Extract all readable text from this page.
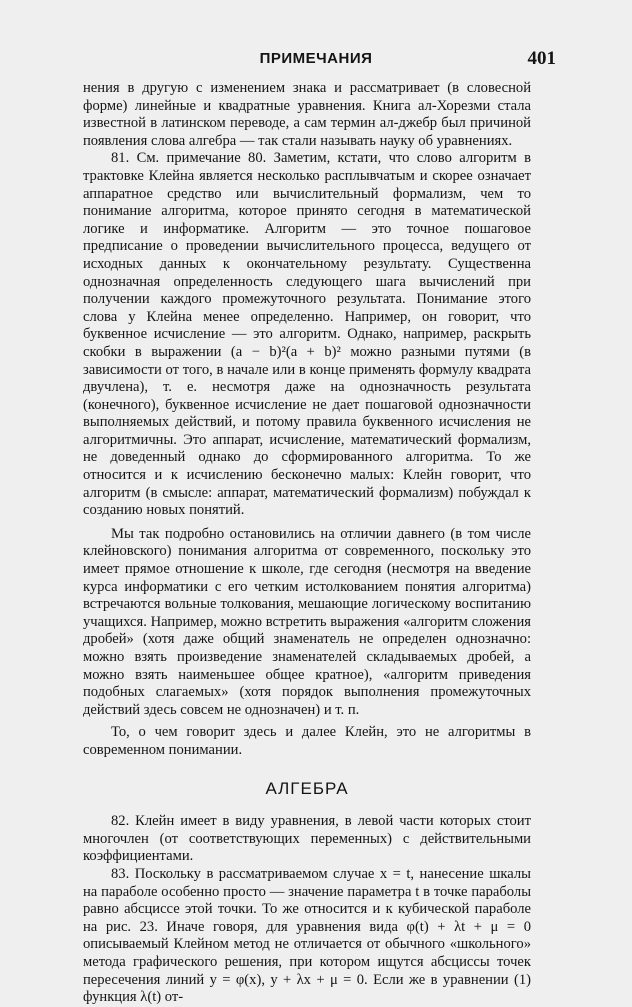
ПРИМЕЧАНИЯ	401

нения в другую с изменением знака и рассматривает (в словесной форме) линейные и квадратные уравнения. Книга ал-Хорезми стала известной в латинском переводе, а сам термин ал-джебр был причиной появления слова алгебра — так стали называть науку об уравнениях.

81. См. примечание 80. Заметим, кстати, что слово алгоритм в трактовке Клейна является несколько расплывчатым и скорее означает аппаратное средство или вычислительный формализм, чем то понимание алгоритма, которое принято сегодня в математической логике и информатике. Алгоритм — это точное пошаговое предписание о проведении вычислительного процесса, ведущего от исходных данных к окончательному результату. Существенна однозначная определенность следующего шага вычислений при получении каждого промежуточного результата. Понимание этого слова у Клейна менее определенно. Например, он говорит, что буквенное исчисление — это алгоритм. Однако, например, раскрыть скобки в выражении (a − b)²(a + b)² можно разными путями (в зависимости от того, в начале или в конце применять формулу квадрата двучлена), т. е. несмотря даже на однозначность результата (конечного), буквенное исчисление не дает пошаговой однозначности выполняемых действий, и потому правила буквенного исчисления не алгоритмичны. Это аппарат, исчисление, математический формализм, не доведенный однако до сформированного алгоритма. То же относится и к исчислению бесконечно малых: Клейн говорит, что алгоритм (в смысле: аппарат, математический формализм) побуждал к созданию новых понятий.

Мы так подробно остановились на отличии давнего (в том числе клейновского) понимания алгоритма от современного, поскольку это имеет прямое отношение к школе, где сегодня (несмотря на введение курса информатики с его четким истолкованием понятия алгоритма) встречаются вольные толкования, мешающие логическому воспитанию учащихся. Например, можно встретить выражения «алгоритм сложения дробей» (хотя даже общий знаменатель не определен однозначно: можно взять произведение знаменателей складываемых дробей, а можно взять наименьшее общее кратное), «алгоритм приведения подобных слагаемых» (хотя порядок выполнения промежуточных действий здесь совсем не однозначен) и т. п.

То, о чем говорит здесь и далее Клейн, это не алгоритмы в современном понимании.

АЛГЕБРА

82. Клейн имеет в виду уравнения, в левой части которых стоит многочлен (от соответствующих переменных) с действительными коэффициентами.

83. Поскольку в рассматриваемом случае x = t, нанесение шкалы на параболе особенно просто — значение параметра t в точке параболы равно абсциссе этой точки. То же относится и к кубической параболе на рис. 23. Иначе говоря, для уравнения вида φ(t) + λt + μ = 0 описываемый Клейном метод не отличается от обычного «школьного» метода графического решения, при котором ищутся абсциссы точек пересечения линий y = φ(x), y + λx + μ = 0. Если же в уравнении (1) функция λ(t) от-
